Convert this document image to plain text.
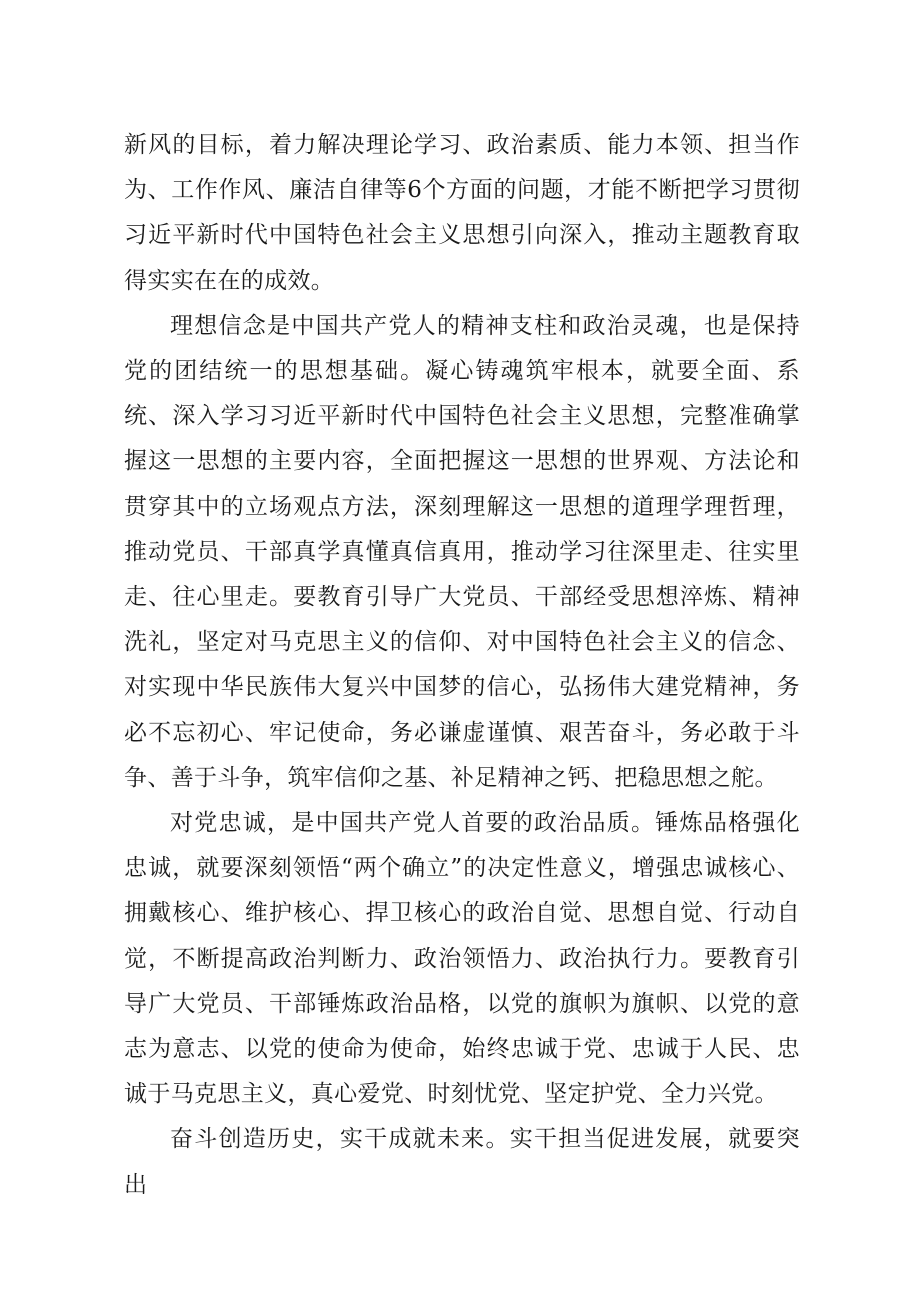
新风的目标，着力解决理论学习、政治素质、能力本领、担当作为、工作作风、廉洁自律等6个方面的问题，才能不断把学习贯彻习近平新时代中国特色社会主义思想引向深入，推动主题教育取得实实在在的成效。

理想信念是中国共产党人的精神支柱和政治灵魂，也是保持党的团结统一的思想基础。凝心铸魂筑牢根本，就要全面、系统、深入学习习近平新时代中国特色社会主义思想，完整准确掌握这一思想的主要内容，全面把握这一思想的世界观、方法论和贯穿其中的立场观点方法，深刻理解这一思想的道理学理哲理，推动党员、干部真学真懂真信真用，推动学习往深里走、往实里走、往心里走。要教育引导广大党员、干部经受思想淬炼、精神洗礼，坚定对马克思主义的信仰、对中国特色社会主义的信念、对实现中华民族伟大复兴中国梦的信心，弘扬伟大建党精神，务必不忘初心、牢记使命，务必谦虚谨慎、艰苦奋斗，务必敢于斗争、善于斗争，筑牢信仰之基、补足精神之钙、把稳思想之舵。

对党忠诚，是中国共产党人首要的政治品质。锤炼品格强化忠诚，就要深刻领悟“两个确立”的决定性意义，增强忠诚核心、拥戴核心、维护核心、捍卫核心的政治自觉、思想自觉、行动自觉，不断提高政治判断力、政治领悟力、政治执行力。要教育引导广大党员、干部锤炼政治品格，以党的旗帜为旗帜、以党的意志为意志、以党的使命为使命，始终忠诚于党、忠诚于人民、忠诚于马克思主义，真心爱党、时刻忧党、坚定护党、全力兴党。

奋斗创造历史，实干成就未来。实干担当促进发展，就要突出
